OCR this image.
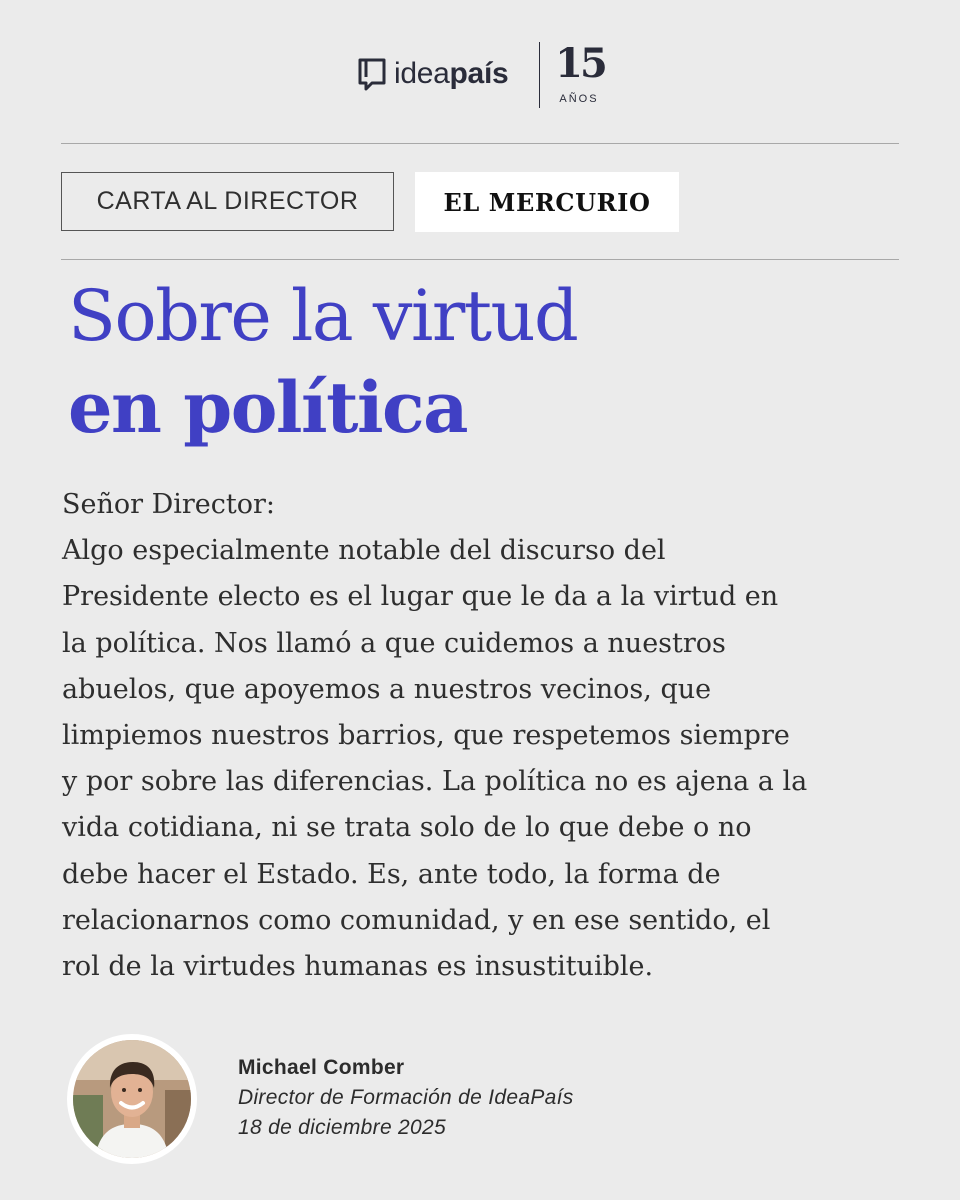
ideapaís 15
AÑOS
CARTA AL DIRECTOR	EL MERCURIO
Sobre la virtud
en política
Señor Director:
Algo especialmente notable del discurso del
Presidente electo es el lugar que le da a la virtud en
la política. Nos llamó a que cuidemos a nuestros
abuelos, que apoyemos a nuestros vecinos, que
limpiemos nuestros barrios, que respetemos siempre
y por sobre las diferencias. La política no es ajena a la
vida cotidiana, ni se trata solo de lo que debe o no
debe hacer el Estado. Es, ante todo, la forma de
relacionarnos como comunidad, y en ese sentido, el
rol de la virtudes humanas es insustituible.
Michael Comber
Director de Formación de IdeaPaís
18 de diciembre 2025
